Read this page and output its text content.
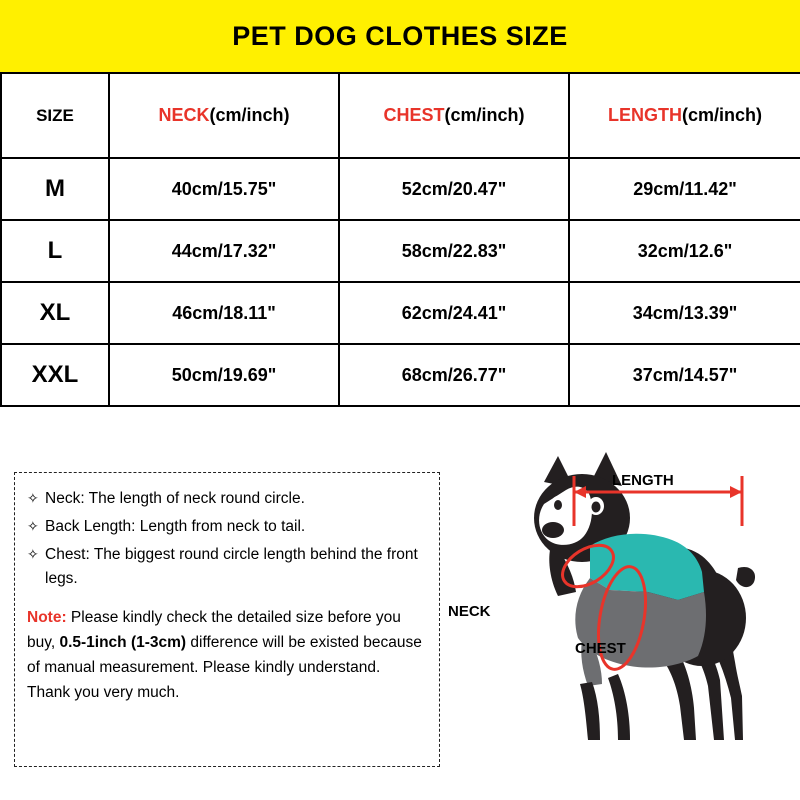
PET DOG CLOTHES SIZE
SIZE	NECK(cm/inch)	CHEST(cm/inch)	LENGTH(cm/inch)
M	40cm/15.75"	52cm/20.47"	29cm/11.42"
L	44cm/17.32"	58cm/22.83"	32cm/12.6"
XL	46cm/18.11"	62cm/24.41"	34cm/13.39"
XXL	50cm/19.69"	68cm/26.77"	37cm/14.57"
✧ Neck: The length of neck round circle.
✧ Back Length: Length from neck to tail.
✧ Chest: The biggest round circle length behind the front legs.
Note: Please kindly check the detailed size before you buy, 0.5-1inch (1-3cm) difference will be existed because of manual measurement. Please kindly understand. Thank you very much.
LENGTH
NECK
CHEST
